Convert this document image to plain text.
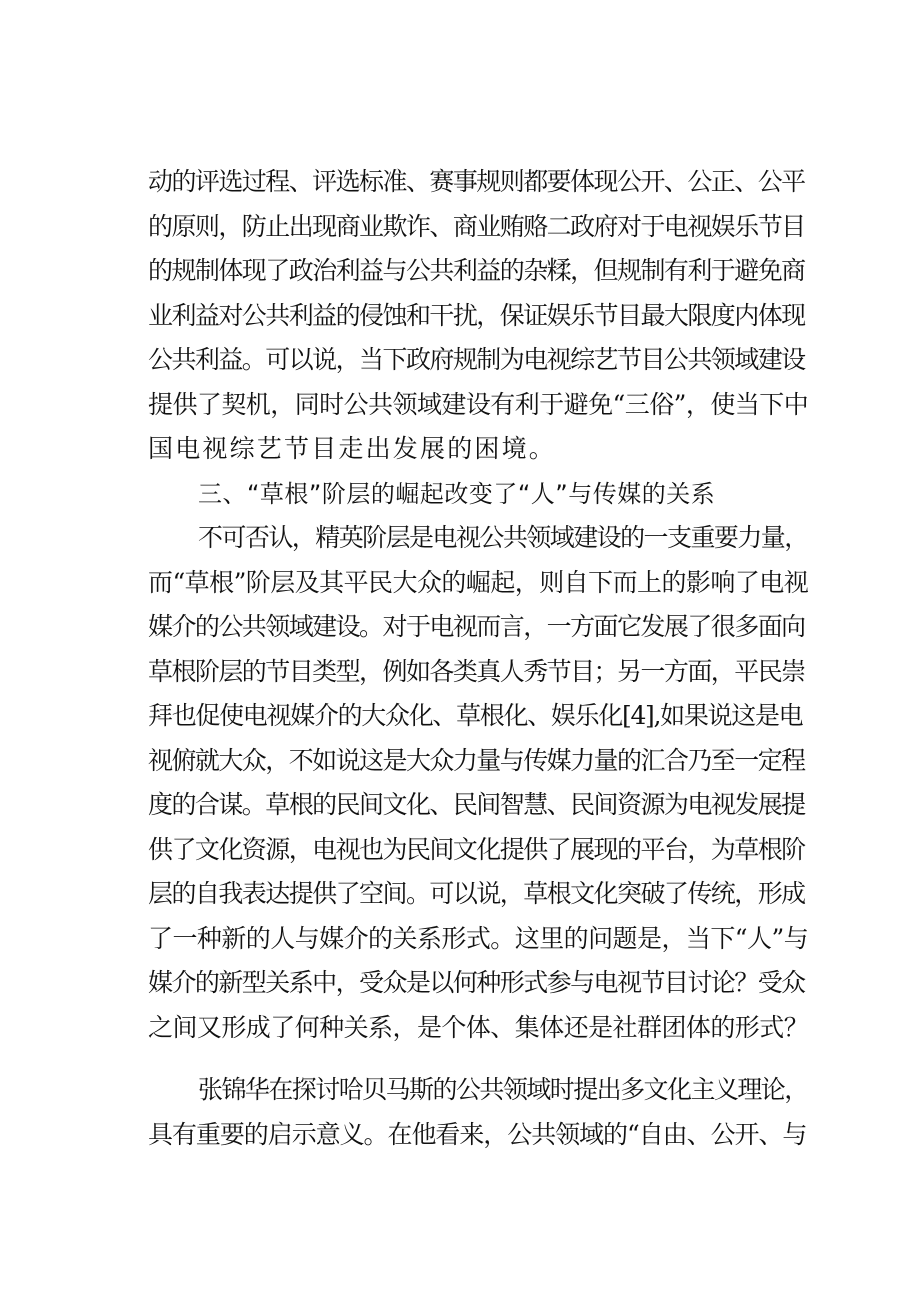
动的评选过程、评选标准、赛事规则都要体现公开、公正、公平
的原则，防止出现商业欺诈、商业贿赂二政府对于电视娱乐节目
的规制体现了政治利益与公共利益的杂糅，但规制有利于避免商
业利益对公共利益的侵蚀和干扰，保证娱乐节目最大限度内体现
公共利益。可以说，当下政府规制为电视综艺节目公共领域建设
提供了契机，同时公共领域建设有利于避免“三俗”，使当下中
国电视综艺节目走出发展的困境。
三、“草根”阶层的崛起改变了“人”与传媒的关系
不可否认，精英阶层是电视公共领域建设的一支重要力量，
而“草根”阶层及其平民大众的崛起，则自下而上的影响了电视
媒介的公共领域建设。对于电视而言，一方面它发展了很多面向
草根阶层的节目类型，例如各类真人秀节目；另一方面，平民崇
拜也促使电视媒介的大众化、草根化、娱乐化[4],如果说这是电
视俯就大众，不如说这是大众力量与传媒力量的汇合乃至一定程
度的合谋。草根的民间文化、民间智慧、民间资源为电视发展提
供了文化资源，电视也为民间文化提供了展现的平台，为草根阶
层的自我表达提供了空间。可以说，草根文化突破了传统，形成
了一种新的人与媒介的关系形式。这里的问题是，当下“人”与
媒介的新型关系中，受众是以何种形式参与电视节目讨论？受众
之间又形成了何种关系，是个体、集体还是社群团体的形式？
张锦华在探讨哈贝马斯的公共领域时提出多文化主义理论，
具有重要的启示意义。在他看来，公共领域的“自由、公开、与
